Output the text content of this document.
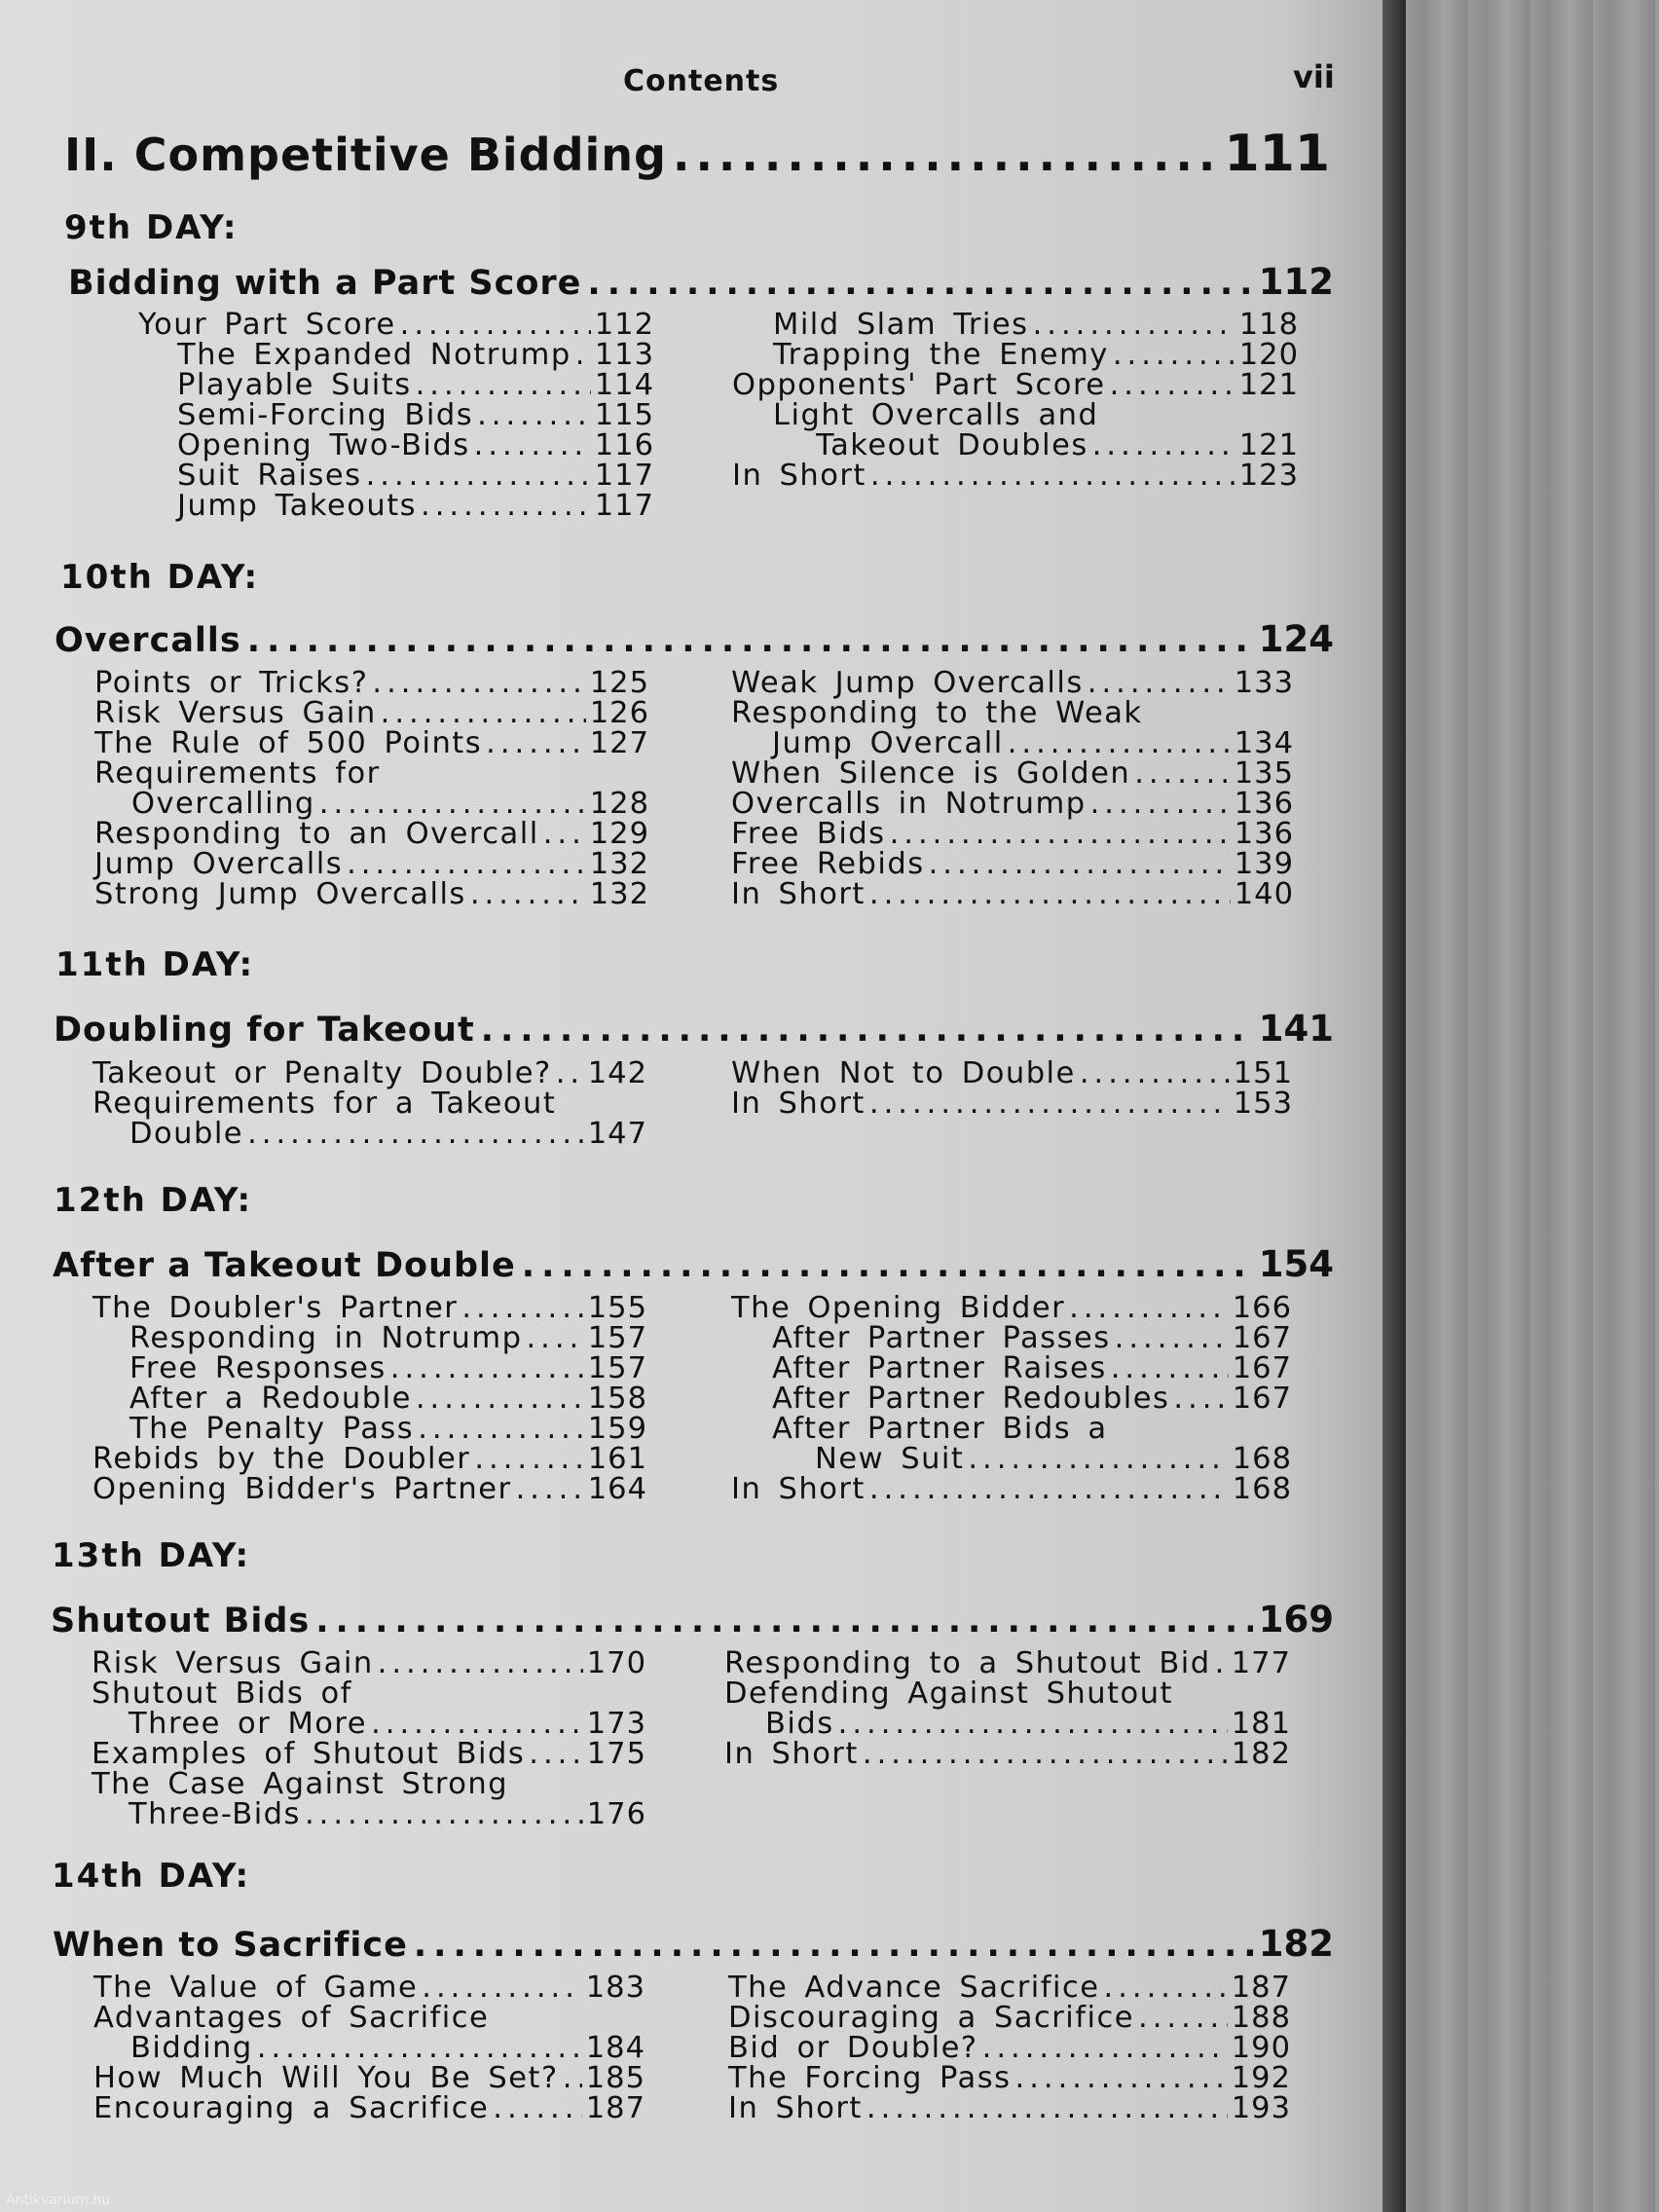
Contents	vii
II. Competitive Bidding .....	111
9th DAY:
Bidding with a Part Score .....	112
Your Part Score .....	112
The Expanded Notrump ..... 113
Playable Suits .....	114
Semi-Forcing Bids .....	115
Opening Two-Bids .....	116
Suit Raises .....	117
Jump Takeouts .....	117
Mild Slam Tries .....	118
Trapping the Enemy .....	120
Opponents' Part Score .....	121
Light Overcalls and
Takeout Doubles .....	121
In Short .....	123
10th DAY:
Overcalls .....	124
Points or Tricks? .....	125
Risk Versus Gain .....	126
The Rule of 500 Points .....	127
Requirements for
Overcalling .....	128
Responding to an Overcall ..... 129
Jump Overcalls .....	132
Strong Jump Overcalls .....	132
Weak Jump Overcalls .....	133
Responding to the Weak
Jump Overcall .....	134
When Silence is Golden .....	135
Overcalls in Notrump .....	136
Free Bids .....	136
Free Rebids .....	139
In Short .....	140
11th DAY:
Doubling for Takeout .....	141
Takeout or Penalty Double? ..... 142
Requirements for a Takeout
Double .....	147
When Not to Double .....	151
In Short .....	153
12th DAY:
After a Takeout Double .....	154
The Doubler's Partner .....	155
Responding in Notrump ..... 157
Free Responses .....	157
After a Redouble .....	158
The Penalty Pass .....	159
Rebids by the Doubler .....	161
Opening Bidder's Partner .....	164
The Opening Bidder .....	166
After Partner Passes .....	167
After Partner Raises .....	167
After Partner Redoubles ..... 167
After Partner Bids a
New Suit .....	168
In Short .....	168
13th DAY:
Shutout Bids .....	169
Risk Versus Gain .....	170
Shutout Bids of
Three or More .....	173
Examples of Shutout Bids ..... 175
The Case Against Strong
Three-Bids .....	176
Responding to a Shutout Bid ..... 177
Defending Against Shutout
Bids .....	181
In Short .....	182
14th DAY:
When to Sacrifice .....	182
The Value of Game .....	183
Advantages of Sacrifice
Bidding .....	184
How Much Will You Be Set? ..... 185
Encouraging a Sacrifice .....	187
The Advance Sacrifice .....	187
Discouraging a Sacrifice .....	188
Bid or Double? .....	190
The Forcing Pass .....	192
In Short .....	193
Antikvarium.hu
